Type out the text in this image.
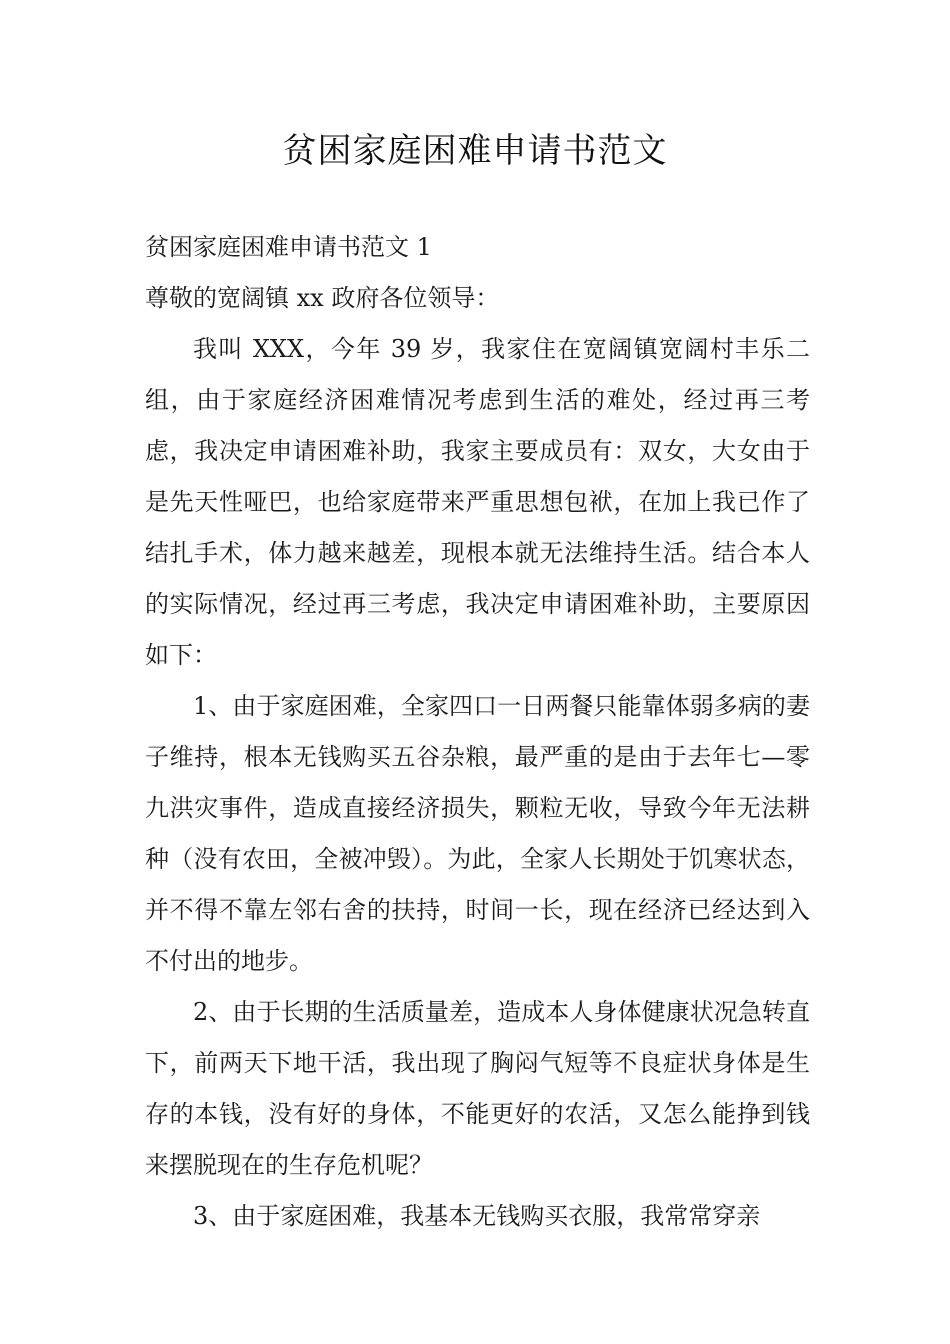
贫困家庭困难申请书范文

贫困家庭困难申请书范文 1

尊敬的宽阔镇 xx 政府各位领导：

我叫 XXX，今年 39 岁，我家住在宽阔镇宽阔村丰乐二组，由于家庭经济困难情况考虑到生活的难处，经过再三考虑，我决定申请困难补助，我家主要成员有：双女，大女由于是先天性哑巴，也给家庭带来严重思想包袱，在加上我已作了结扎手术，体力越来越差，现根本就无法维持生活。结合本人的实际情况，经过再三考虑，我决定申请困难补助，主要原因如下：

1、由于家庭困难，全家四口一日两餐只能靠体弱多病的妻子维持，根本无钱购买五谷杂粮，最严重的是由于去年七—零九洪灾事件，造成直接经济损失，颗粒无收，导致今年无法耕种（没有农田，全被冲毁）。为此，全家人长期处于饥寒状态，并不得不靠左邻右舍的扶持，时间一长，现在经济已经达到入不付出的地步。

2、由于长期的生活质量差，造成本人身体健康状况急转直下，前两天下地干活，我出现了胸闷气短等不良症状身体是生存的本钱，没有好的身体，不能更好的农活，又怎么能挣到钱来摆脱现在的生存危机呢？

3、由于家庭困难，我基本无钱购买衣服，我常常穿亲
